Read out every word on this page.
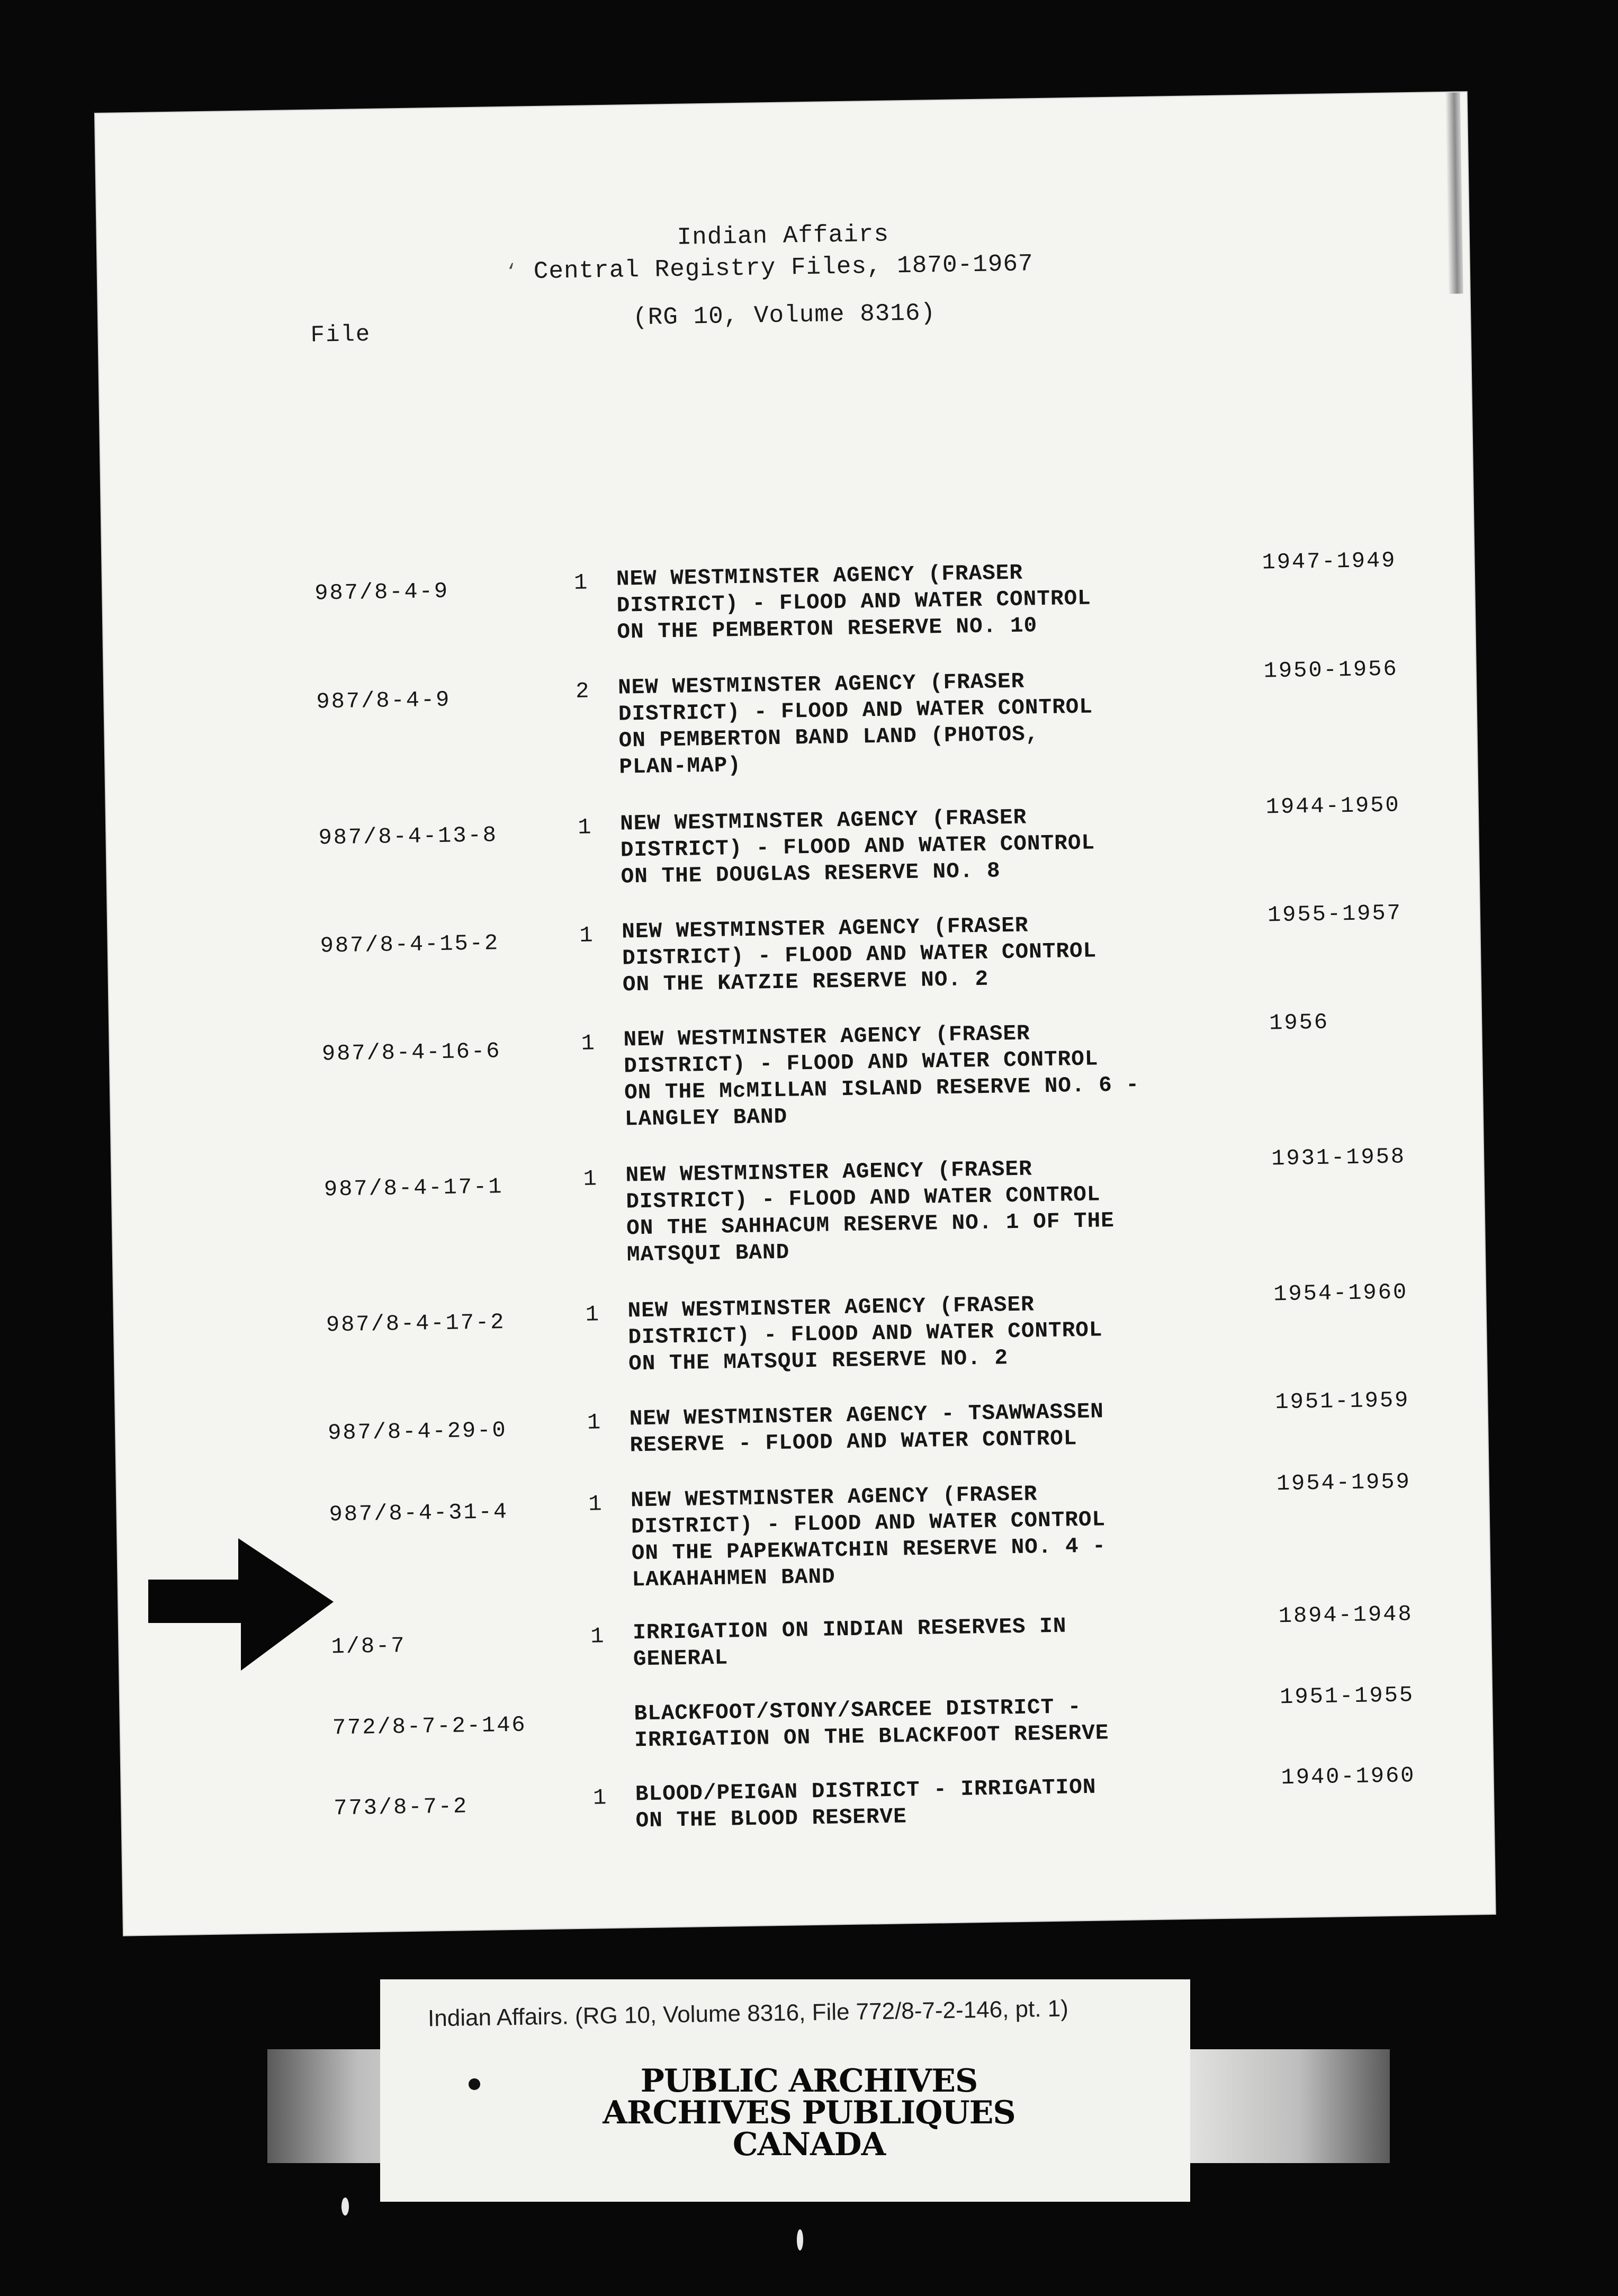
Indian Affairs
‘ Central Registry Files, 1870-1967
(RG 10, Volume 8316)
File
987/8-4-9	1 NEW WESTMINSTER AGENCY (FRASER
DISTRICT) - FLOOD AND WATER CONTROL
ON THE PEMBERTON RESERVE NO. 10
1947-1949
987/8-4-9	2 NEW WESTMINSTER AGENCY (FRASER
DISTRICT) - FLOOD AND WATER CONTROL
ON PEMBERTON BAND LAND (PHOTOS,
PLAN-MAP)
1950-1956
987/8-4-13-8	1 NEW WESTMINSTER AGENCY (FRASER
DISTRICT) - FLOOD AND WATER CONTROL
ON THE DOUGLAS RESERVE NO. 8
1944-1950
987/8-4-15-2	1 NEW WESTMINSTER AGENCY (FRASER
DISTRICT) - FLOOD AND WATER CONTROL
ON THE KATZIE RESERVE NO. 2
1955-1957
987/8-4-16-6	1 NEW WESTMINSTER AGENCY (FRASER
DISTRICT) - FLOOD AND WATER CONTROL
ON THE McMILLAN ISLAND RESERVE NO. 6 -
LANGLEY BAND
1956
987/8-4-17-1	1 NEW WESTMINSTER AGENCY (FRASER
DISTRICT) - FLOOD AND WATER CONTROL
ON THE SAHHACUM RESERVE NO. 1 OF THE
MATSQUI BAND
1931-1958
987/8-4-17-2	1 NEW WESTMINSTER AGENCY (FRASER
DISTRICT) - FLOOD AND WATER CONTROL
ON THE MATSQUI RESERVE NO. 2
1954-1960
987/8-4-29-0	1 NEW WESTMINSTER AGENCY - TSAWWASSEN
RESERVE - FLOOD AND WATER CONTROL
1951-1959
987/8-4-31-4	1 NEW WESTMINSTER AGENCY (FRASER
DISTRICT) - FLOOD AND WATER CONTROL
ON THE PAPEKWATCHIN RESERVE NO. 4 -
LAKAHAHMEN BAND
1954-1959
1/8-7	1 IRRIGATION ON INDIAN RESERVES IN
GENERAL
1894-1948
772/8-7-2-146
BLACKFOOT/STONY/SARCEE DISTRICT -
IRRIGATION ON THE BLACKFOOT RESERVE
1951-1955
773/8-7-2	1 BLOOD/PEIGAN DISTRICT - IRRIGATION
ON THE BLOOD RESERVE
1940-1960
Indian Affairs. (RG 10, Volume 8316, File 772/8-7-2-146, pt. 1)
PUBLIC ARCHIVES
ARCHIVES PUBLIQUES
CANADA
